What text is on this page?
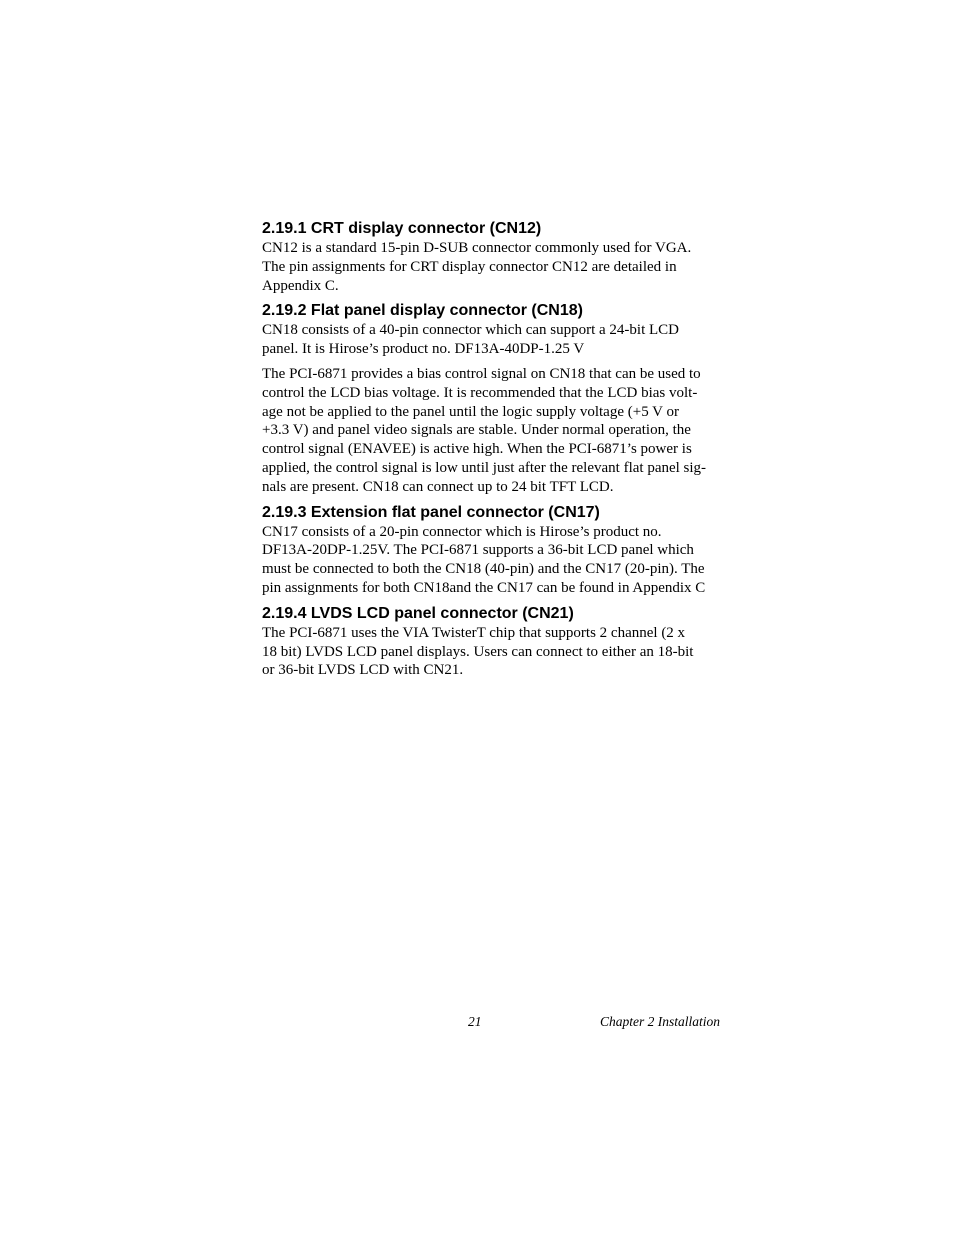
2.19.1 CRT display connector (CN12)

CN12 is a standard 15-pin D-SUB connector commonly used for VGA.
The pin assignments for CRT display connector CN12 are detailed in
Appendix C.

2.19.2 Flat panel display connector (CN18)

CN18 consists of a 40-pin connector which can support a 24-bit LCD
panel. It is Hirose’s product no. DF13A-40DP-1.25 V

The PCI-6871 provides a bias control signal on CN18 that can be used to
control the LCD bias voltage. It is recommended that the LCD bias volt-
age not be applied to the panel until the logic supply voltage (+5 V or
+3.3 V) and panel video signals are stable. Under normal operation, the
control signal (ENAVEE) is active high. When the PCI-6871’s power is
applied, the control signal is low until just after the relevant flat panel sig-
nals are present. CN18 can connect up to 24 bit TFT LCD.

2.19.3 Extension flat panel connector (CN17)

CN17 consists of a 20-pin connector which is Hirose’s product no.
DF13A-20DP-1.25V. The PCI-6871 supports a 36-bit LCD panel which
must be connected to both the CN18 (40-pin) and the CN17 (20-pin). The
pin assignments for both CN18and the CN17 can be found in Appendix C

2.19.4 LVDS LCD panel connector (CN21)

The PCI-6871 uses the VIA TwisterT chip that supports 2 channel (2 x
18 bit) LVDS LCD panel displays. Users can connect to either an 18-bit
or 36-bit LVDS LCD with CN21.

21	Chapter 2 Installation
